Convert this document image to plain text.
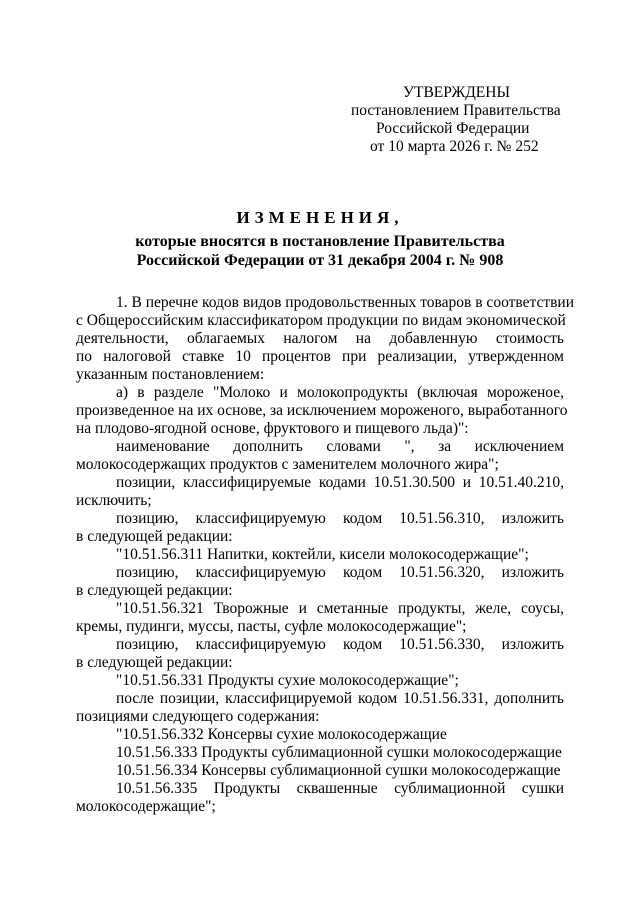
УТВЕРЖДЕНЫ
постановлением Правительства
Российской Федерации
от 10 марта 2026 г. № 252
ИЗМЕНЕНИЯ,
которые вносятся в постановление Правительства
Российской Федерации от 31 декабря 2004 г. № 908
1. В перечне кодов видов продовольственных товаров в соответствии
с Общероссийским классификатором продукции по видам экономической
деятельности, облагаемых налогом на добавленную стоимость
по налоговой ставке 10 процентов при реализации, утвержденном
указанным постановлением:
а) в разделе "Молоко и молокопродукты (включая мороженое,
произведенное на их основе, за исключением мороженого, выработанного
на плодово-ягодной основе, фруктового и пищевого льда)":
наименование дополнить словами ", за исключением
молокосодержащих продуктов с заменителем молочного жира";
позиции, классифицируемые кодами 10.51.30.500 и 10.51.40.210,
исключить;
позицию, классифицируемую кодом 10.51.56.310, изложить
в следующей редакции:
"10.51.56.311 Напитки, коктейли, кисели молокосодержащие";
позицию, классифицируемую кодом 10.51.56.320, изложить
в следующей редакции:
"10.51.56.321 Творожные и сметанные продукты, желе, соусы,
кремы, пудинги, муссы, пасты, суфле молокосодержащие";
позицию, классифицируемую кодом 10.51.56.330, изложить
в следующей редакции:
"10.51.56.331 Продукты сухие молокосодержащие";
после позиции, классифицируемой кодом 10.51.56.331, дополнить
позициями следующего содержания:
"10.51.56.332 Консервы сухие молокосодержащие
10.51.56.333 Продукты сублимационной сушки молокосодержащие
10.51.56.334 Консервы сублимационной сушки молокосодержащие
10.51.56.335 Продукты сквашенные сублимационной сушки
молокосодержащие";
